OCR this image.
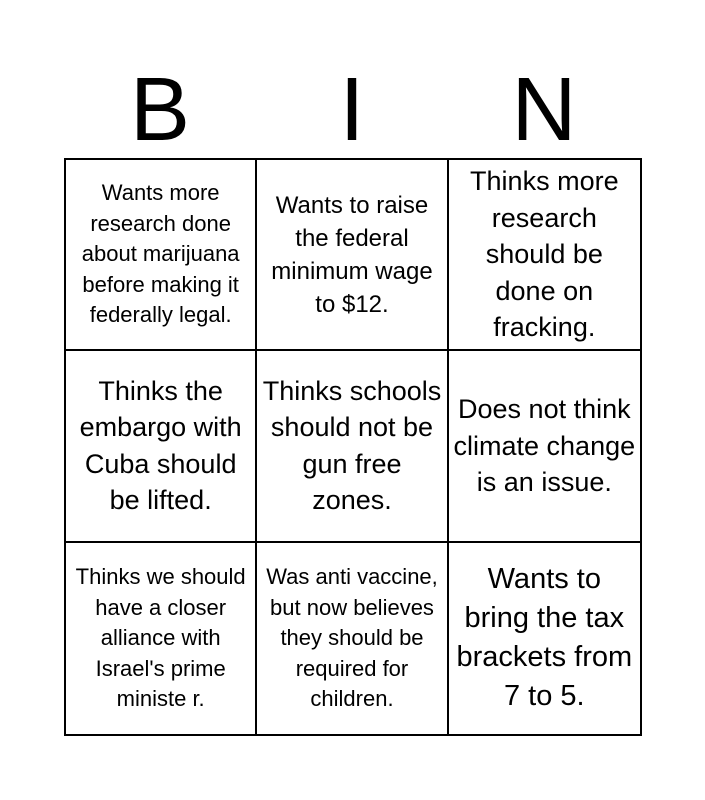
B	I	N
Wants more research done about marijuana before making it federally legal.
Wants to raise the federal minimum wage to $12.
Thinks more research should be done on fracking.
Thinks the embargo with Cuba should be lifted.
Thinks schools should not be gun free zones.
Does not think climate change is an issue.
Thinks we should have a closer alliance with Israel's prime ministe r.
Was anti vaccine, but now believes they should be required for children.
Wants to bring the tax brackets from 7 to 5.
